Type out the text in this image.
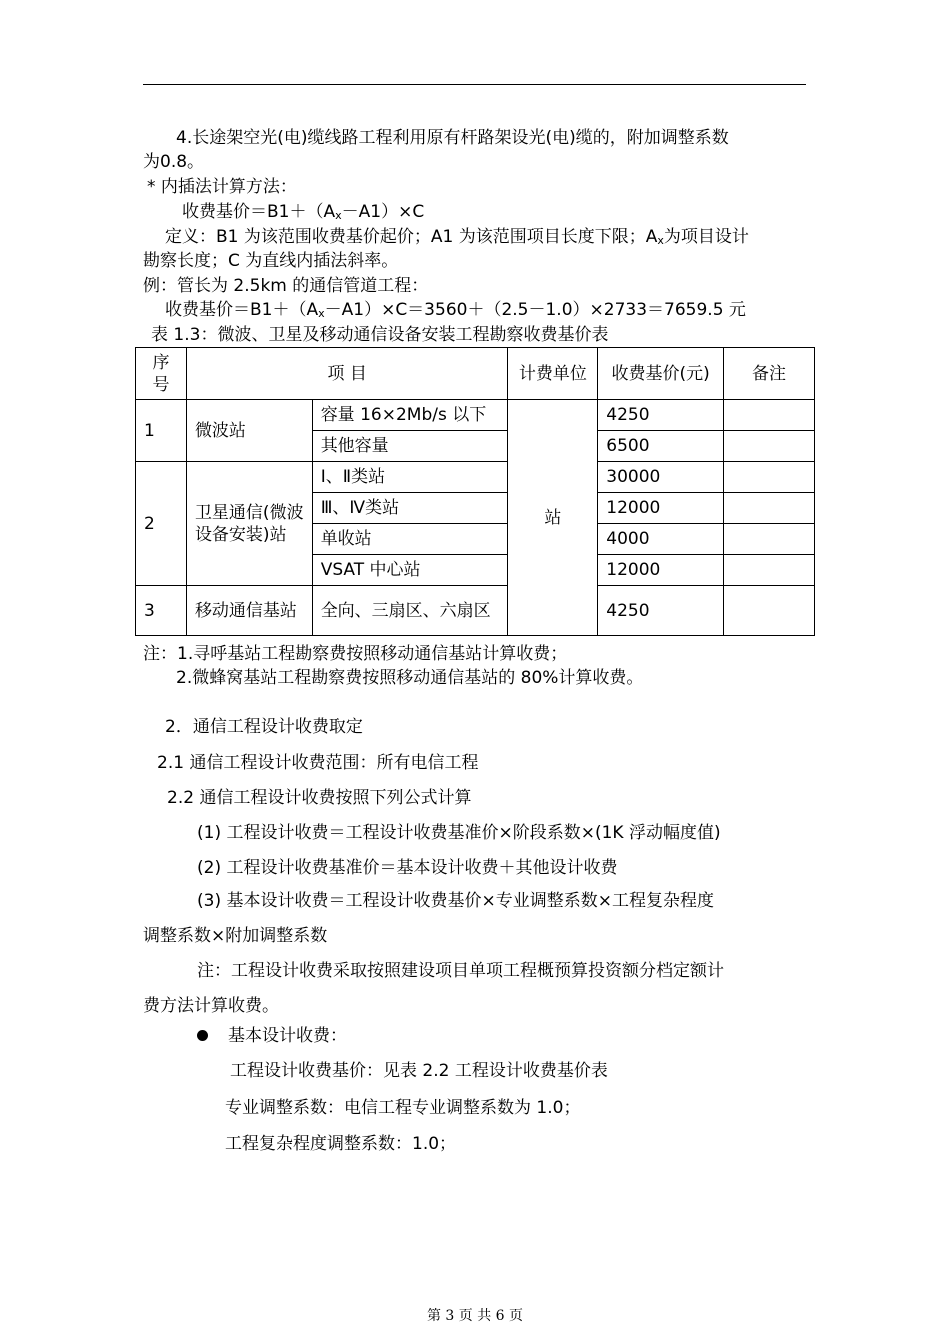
4.长途架空光(电)缆线路工程利用原有杆路架设光(电)缆的，附加调整系数
为0.8。
* 内插法计算方法：
收费基价$=B1+(A_x-A1)\times C$
定义：B1 为该范围收费基价起价；A1 为该范围项目长度下限；$A_x$为项目设计
勘察长度；C 为直线内插法斜率。
例：管长为 2.5km 的通信管道工程：
收费基价$=B1+(A_x-A1)\times C=3560+(2.5-1.0)\times 2733=7659.5$ 元
表 1.3：微波、卫星及移动通信设备安装工程勘察收费基价表
序号	项 目		计费单位	收费基价(元)	备注
1	微波站	容量 16×2Mb/s 以下	站	4250	
		其他容量		6500	
2	卫星通信(微波设备安装)站	Ⅰ、Ⅱ类站		30000	
		Ⅲ、Ⅳ类站		12000	
		单收站		4000	
		VSAT 中心站		12000	
3	移动通信基站	全向、三扇区、六扇区		4250	
注：1.寻呼基站工程勘察费按照移动通信基站计算收费；
2.微蜂窝基站工程勘察费按照移动通信基站的 80%计算收费。
2．通信工程设计收费取定
2.1 通信工程设计收费范围：所有电信工程
2.2 通信工程设计收费按照下列公式计算
(1) 工程设计收费＝工程设计收费基准价×阶段系数×(1K 浮动幅度值)
(2) 工程设计收费基准价＝基本设计收费＋其他设计收费
(3) 基本设计收费＝工程设计收费基价×专业调整系数×工程复杂程度
调整系数×附加调整系数
注：工程设计收费采取按照建设项目单项工程概预算投资额分档定额计
费方法计算收费。
基本设计收费：
工程设计收费基价：见表 2.2 工程设计收费基价表
专业调整系数：电信工程专业调整系数为 1.0；
工程复杂程度调整系数：1.0；
第 3 页 共 6 页
